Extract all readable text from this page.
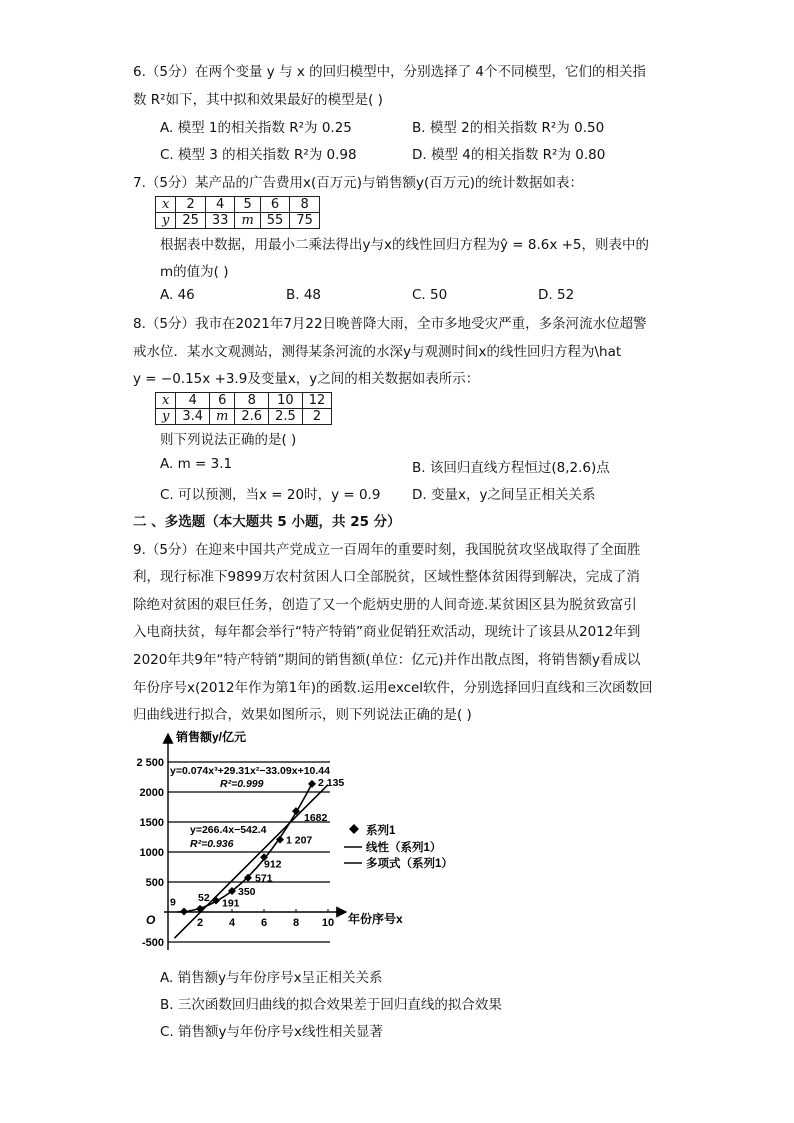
6.（5分）在两个变量 y 与 x 的回归模型中，分别选择了 4个不同模型，它们的相关指
数 R²如下，其中拟和效果最好的模型是( )
A. 模型 1的相关指数 R²为 0.25	B. 模型 2的相关指数 R²为 0.50
C. 模型 3 的相关指数 R²为 0.98	D. 模型 4的相关指数 R²为 0.80
7.（5分）某产品的广告费用x(百万元)与销售额y(百万元)的统计数据如表：
x	2	4	5	6	8
y	25	33	m	55	75
根据表中数据，用最小二乘法得出y与x的线性回归方程为ŷ = 8.6x +5，则表中的
m的值为( )
A. 46	B. 48	C. 50	D. 52
8.（5分）我市在2021年7月22日晚普降大雨，全市多地受灾严重，多条河流水位超警
戒水位．某水文观测站，测得某条河流的水深y与观测时间x的线性回归方程为\hat
y = −0.15x +3.9及变量x，y之间的相关数据如表所示：
x	4	6	8	10	12
y	3.4	m	2.6	2.5	2
则下列说法正确的是( )
A. m = 3.1	B. 该回归直线方程恒过(8,2.6)点
C. 可以预测，当x = 20时，y = 0.9 D. 变量x，y之间呈正相关关系
二 、多选题（本大题共 5 小题，共 25 分）
9.（5分）在迎来中国共产党成立一百周年的重要时刻，我国脱贫攻坚战取得了全面胜
利，现行标准下9899万农村贫困人口全部脱贫，区域性整体贫困得到解决，完成了消
除绝对贫困的艰巨任务，创造了又一个彪炳史册的人间奇迹.某贫困区县为脱贫致富引
入电商扶贫，每年都会举行“特产特销”商业促销狂欢活动，现统计了该县从2012年到
2020年共9年“特产特销”期间的销售额(单位：亿元)并作出散点图，将销售额y看成以
年份序号x(2012年作为第1年)的函数.运用excel软件，分别选择回归直线和三次函数回
归曲线进行拟合，效果如图所示，则下列说法正确的是( )
2 500
2000
1500
1000
500
-500
2 4 6 8 10
9 52 191
350
571
912
1 207
1682
2 135
销售额y/亿元
年份序号x
O
y=0.074x³+29.31x²−33.09x+10.44
R²=0.999
y=266.4x−542.4
R²=0.936
系列1
线性（系列1）
多项式（系列1）
A. 销售额y与年份序号x呈正相关关系
B. 三次函数回归曲线的拟合效果差于回归直线的拟合效果
C. 销售额y与年份序号x线性相关显著
